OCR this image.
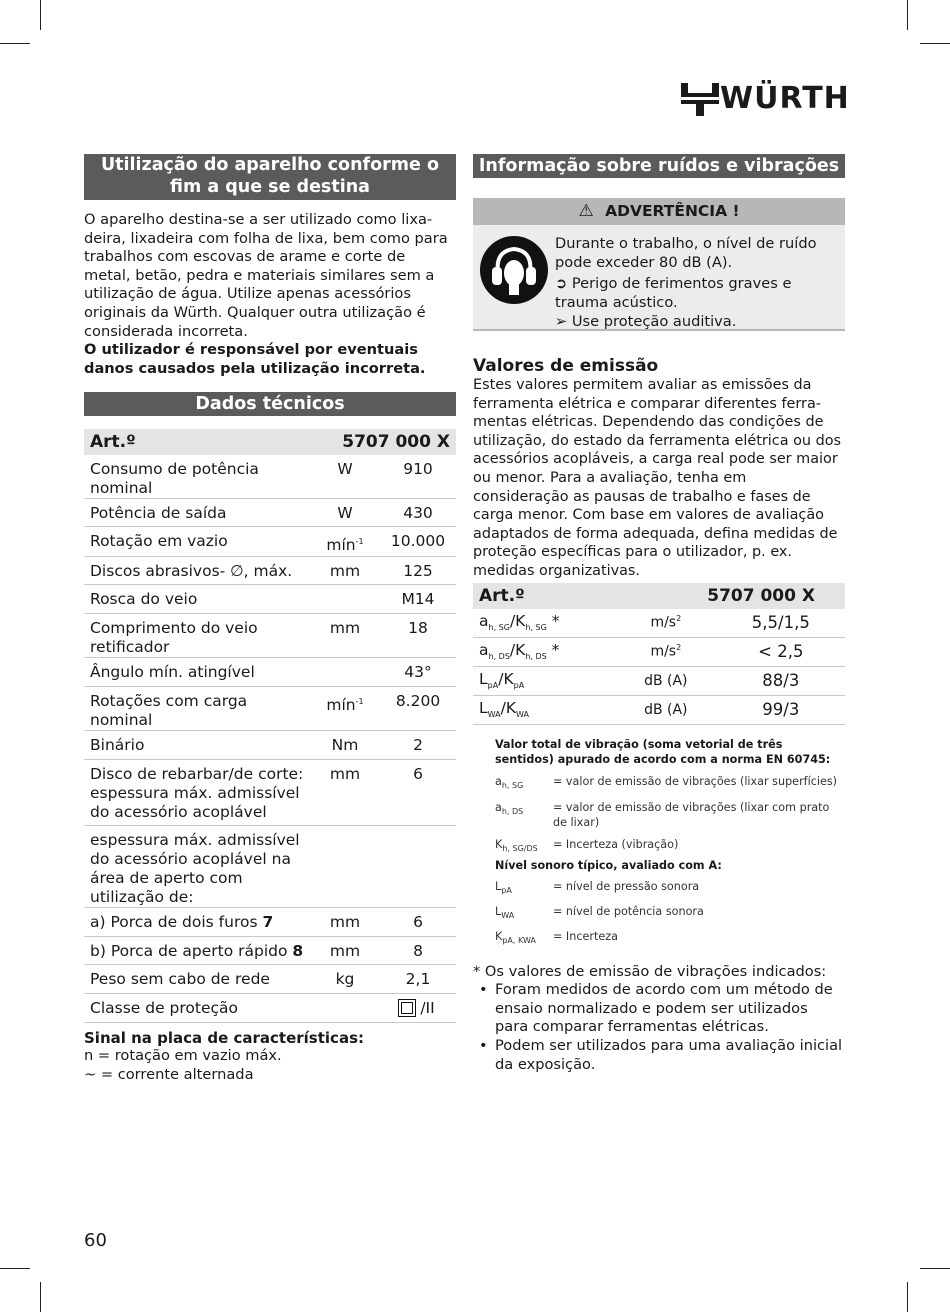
WÜRTH
Utilização do aparelho conforme o fim a que se destina

O aparelho destina-se a ser utilizado como lixa-deira, lixadeira com folha de lixa, bem como para trabalhos com escovas de arame e corte de metal, betão, pedra e materiais similares sem a utilização de água. Utilize apenas acessórios originais da Würth. Qualquer outra utilização é considerada incorreta.

O utilizador é responsável por eventuais danos causados pela utilização incorreta.

Dados técnicos
Art.º	5707 000 X	
Consumo de potência nominal	W	910
Potência de saída	W	430
Rotação em vazio	mín$^{-1}$	10.000
Discos abrasivos- ∅, máx.	mm	125
Rosca do veio		M14
Comprimento do veio retificador	mm	18
Ângulo mín. atingível		43°
Rotações com carga nominal	mín$^{-1}$	8.200
Binário	Nm	2
Disco de rebarbar/de corte: espessura máx. admissível do acessório acoplável	mm	6
espessura máx. admissível do acessório acoplável na área de aperto com utilização de:		
a) Porca de dois furos 7	mm	6
b) Porca de aperto rápido 8	mm	8
Peso sem cabo de rede	kg	2,1
Classe de proteção		/II
Sinal na placa de características:
n = rotação em vazio máx.
~ = corrente alternada
Informação sobre ruídos e vibrações
⚠ ADVERTÊNCIA !
Durante o trabalho, o nível de ruído pode exceder 80 dB (A).
➲ Perigo de ferimentos graves e trauma acústico.
➢ Use proteção auditiva.
Valores de emissão

Estes valores permitem avaliar as emissões da ferramenta elétrica e comparar diferentes ferra-mentas elétricas. Dependendo das condições de utilização, do estado da ferramenta elétrica ou dos acessórios acopláveis, a carga real pode ser maior ou menor. Para a avaliação, tenha em consideração as pausas de trabalho e fases de carga menor. Com base em valores de avaliação adaptados de forma adequada, defina medidas de proteção específicas para o utilizador, p. ex. medidas organizativas.

Art.º	5707 000 X	
$a_{h, SG}/K_{h, SG}$ *	$m/s^2$	5,5/1,5
$a_{h, DS}/K_{h, DS}$ *	$m/s^2$	< 2,5
$L_{pA}/K_{pA}$	dB (A)	88/3
$L_{WA}/K_{WA}$	dB (A)	99/3
Valor total de vibração (soma vetorial de três sentidos) apurado de acordo com a norma EN 60745:
$a_{h, SG}$	= valor de emissão de vibrações (lixar superfícies)
$a_{h, DS}$	= valor de emissão de vibrações (lixar com prato de lixar)
$K_{h, SG/DS}$	= Incerteza (vibração)
Nível sonoro típico, avaliado com A:
$L_{pA}$	= nível de pressão sonora
$L_{WA}$	= nível de potência sonora
$K_{pA, KWA}$	= Incerteza
* Os valores de emissão de vibrações indicados:
• Foram medidos de acordo com um método de ensaio normalizado e podem ser utilizados para comparar ferramentas elétricas.
• Podem ser utilizados para uma avaliação inicial da exposição.
60
